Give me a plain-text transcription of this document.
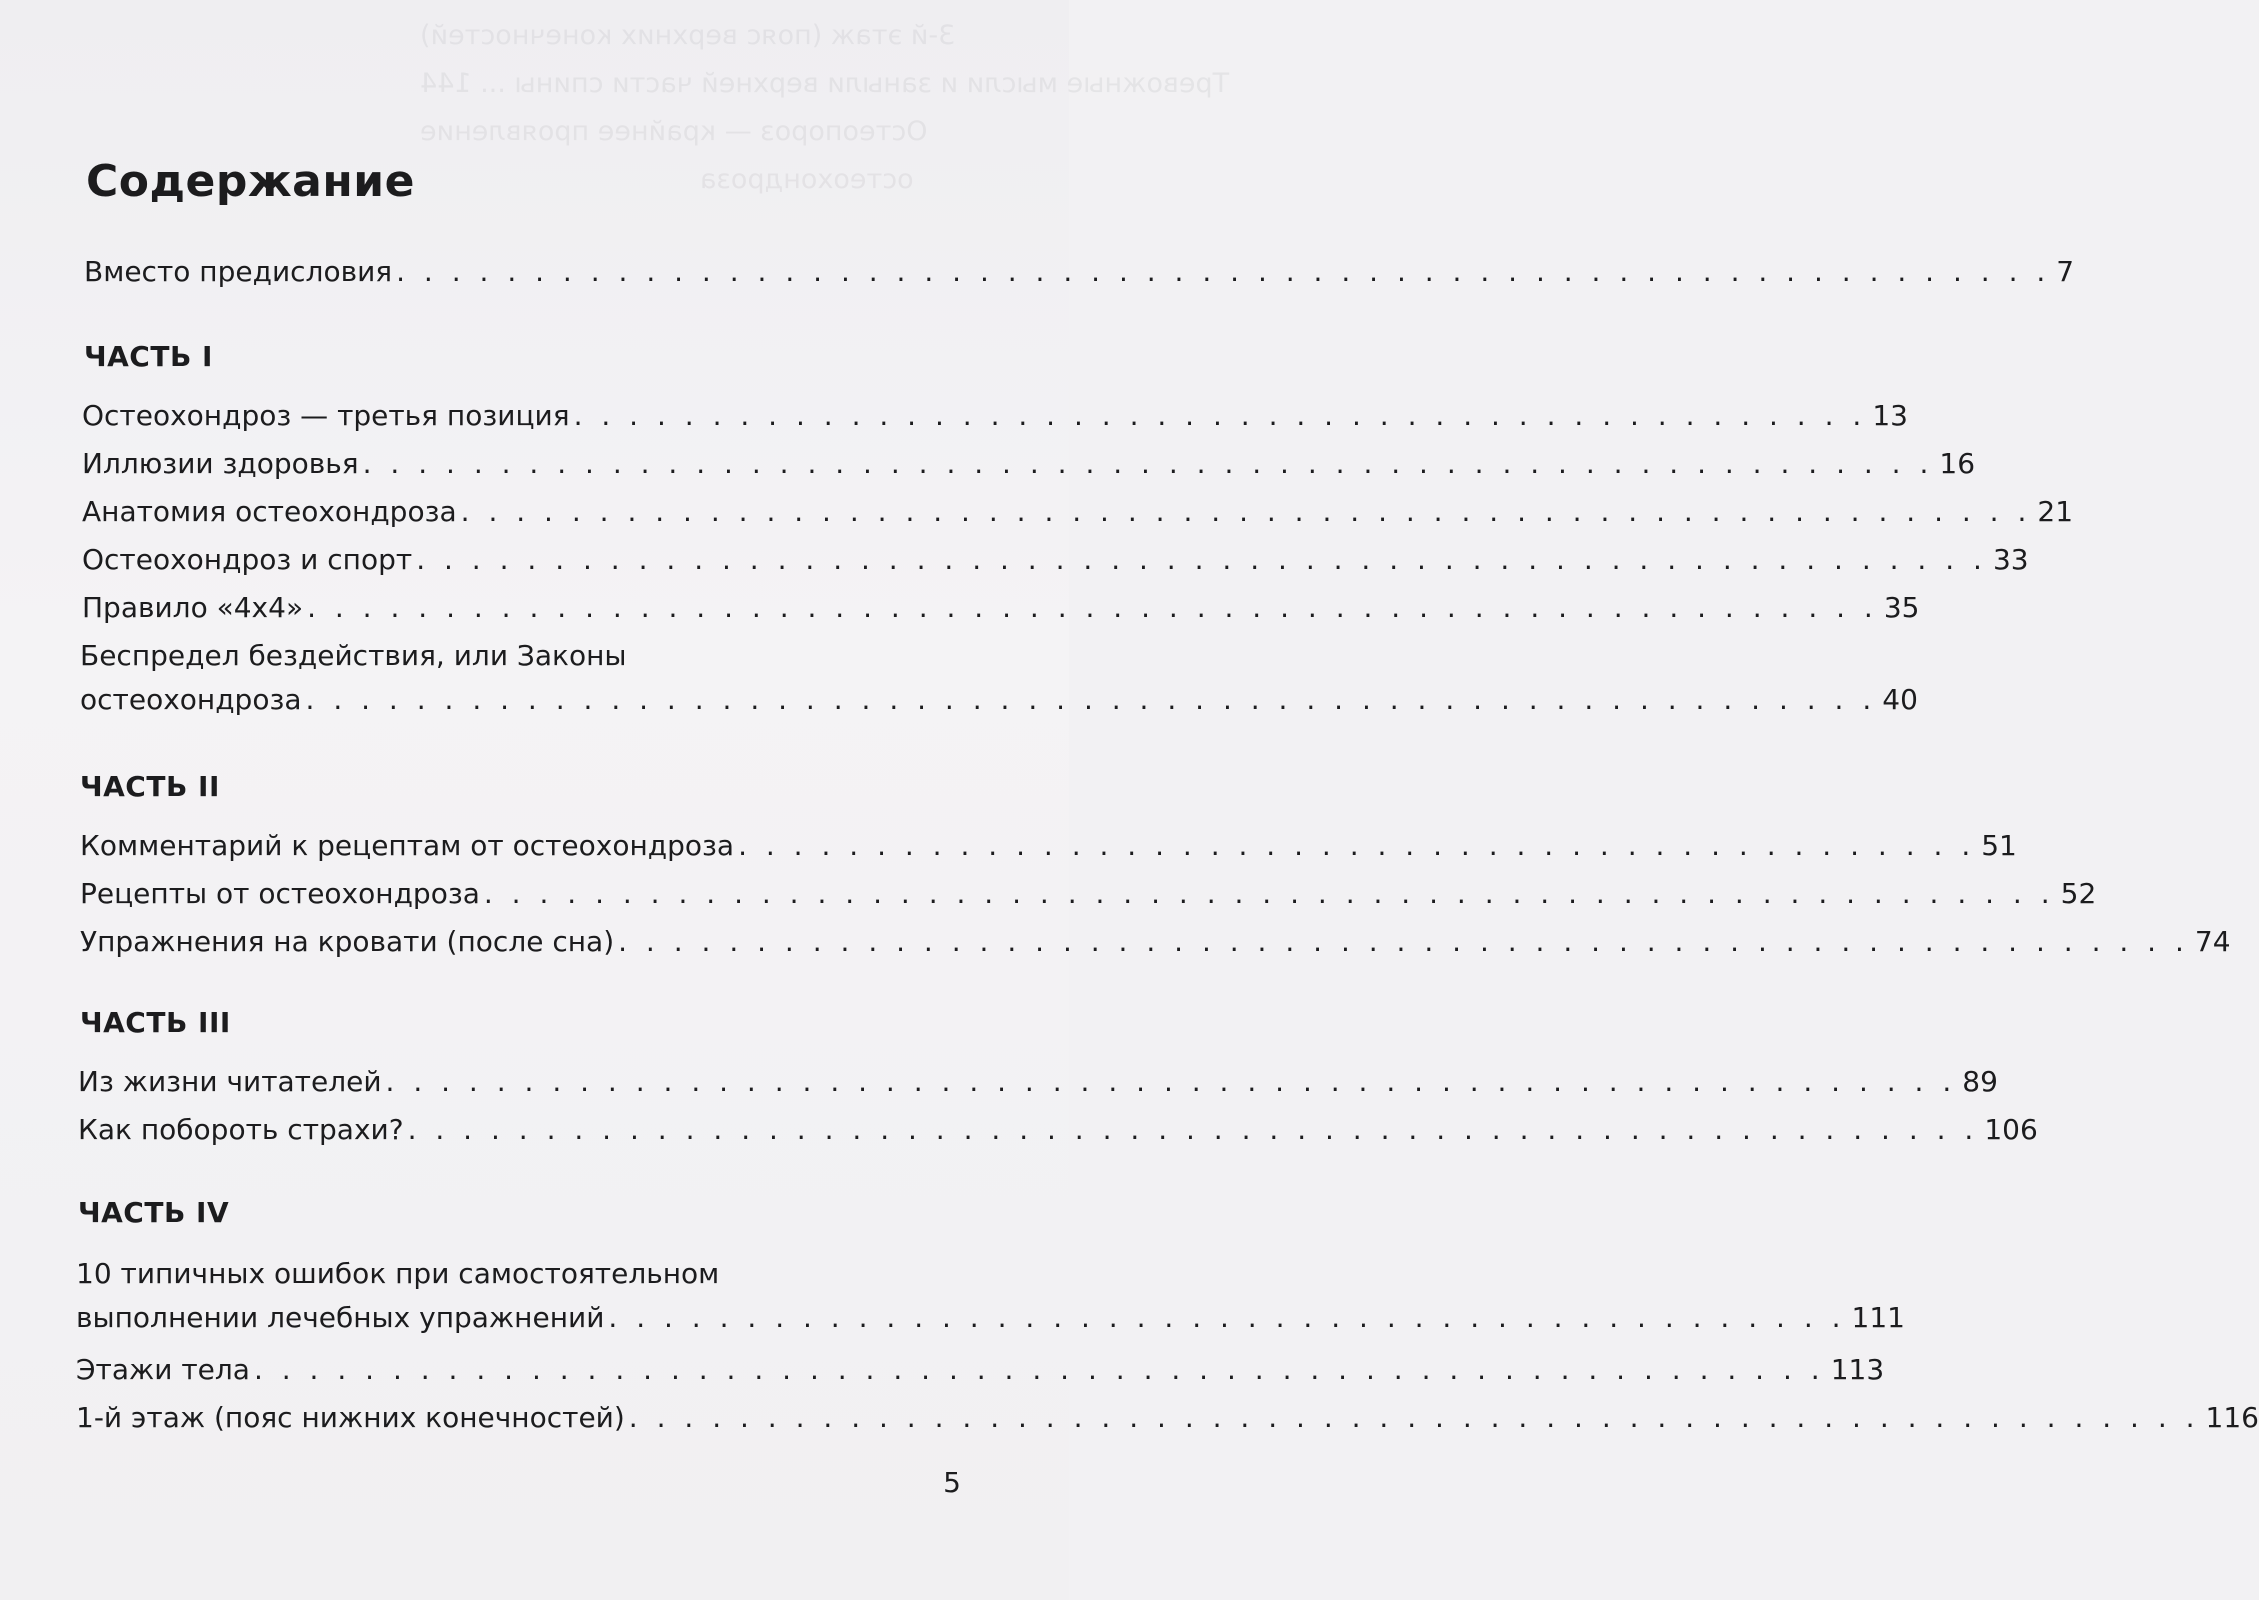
3-й этаж (пояс верхних конечностей)
Тревожные мысли и заныли верхней части спины ... 144
Остеопороз — крайнее проявление
остеохондроза
Содержание
Вместо предисловия . . . . . . . . . . . . . . . . . . . . . . . . . . . . . . . . . . . . . . . . . . . . . . . . . . . . . . . . . . . . 7
ЧАСТЬ I
Остеохондроз — третья позиция . . . . . . . . . . . . . . . . . . . . . . . . . . . . . . . . . . . . . . . . . . . . . . . 13
Иллюзии здоровья . . . . . . . . . . . . . . . . . . . . . . . . . . . . . . . . . . . . . . . . . . . . . . . . . . . . . . . . . 16
Анатомия остеохондроза . . . . . . . . . . . . . . . . . . . . . . . . . . . . . . . . . . . . . . . . . . . . . . . . . . . . . . . . . 21
Остеохондроз и спорт . . . . . . . . . . . . . . . . . . . . . . . . . . . . . . . . . . . . . . . . . . . . . . . . . . . . . . . . . 33
Правило «4х4» . . . . . . . . . . . . . . . . . . . . . . . . . . . . . . . . . . . . . . . . . . . . . . . . . . . . . . . . . 35
Беспредел бездействия, или Законы
остеохондроза . . . . . . . . . . . . . . . . . . . . . . . . . . . . . . . . . . . . . . . . . . . . . . . . . . . . . . . . . 40
ЧАСТЬ II
Комментарий к рецептам от остеохондроза . . . . . . . . . . . . . . . . . . . . . . . . . . . . . . . . . . . . . . . . . . . . . 51
Рецепты от остеохондроза . . . . . . . . . . . . . . . . . . . . . . . . . . . . . . . . . . . . . . . . . . . . . . . . . . . . . . . . . 52
Упражнения на кровати (после сна) . . . . . . . . . . . . . . . . . . . . . . . . . . . . . . . . . . . . . . . . . . . . . . . . . . . . . . . . . 74
ЧАСТЬ III
Из жизни читателей . . . . . . . . . . . . . . . . . . . . . . . . . . . . . . . . . . . . . . . . . . . . . . . . . . . . . . . . . 89
Как побороть страхи? . . . . . . . . . . . . . . . . . . . . . . . . . . . . . . . . . . . . . . . . . . . . . . . . . . . . . . . . . 106
ЧАСТЬ IV
10 типичных ошибок при самостоятельном
выполнении лечебных упражнений . . . . . . . . . . . . . . . . . . . . . . . . . . . . . . . . . . . . . . . . . . . . . 111
Этажи тела . . . . . . . . . . . . . . . . . . . . . . . . . . . . . . . . . . . . . . . . . . . . . . . . . . . . . . . . . 113
1-й этаж (пояс нижних конечностей) . . . . . . . . . . . . . . . . . . . . . . . . . . . . . . . . . . . . . . . . . . . . . . . . . . . . . . . . . 116
5
